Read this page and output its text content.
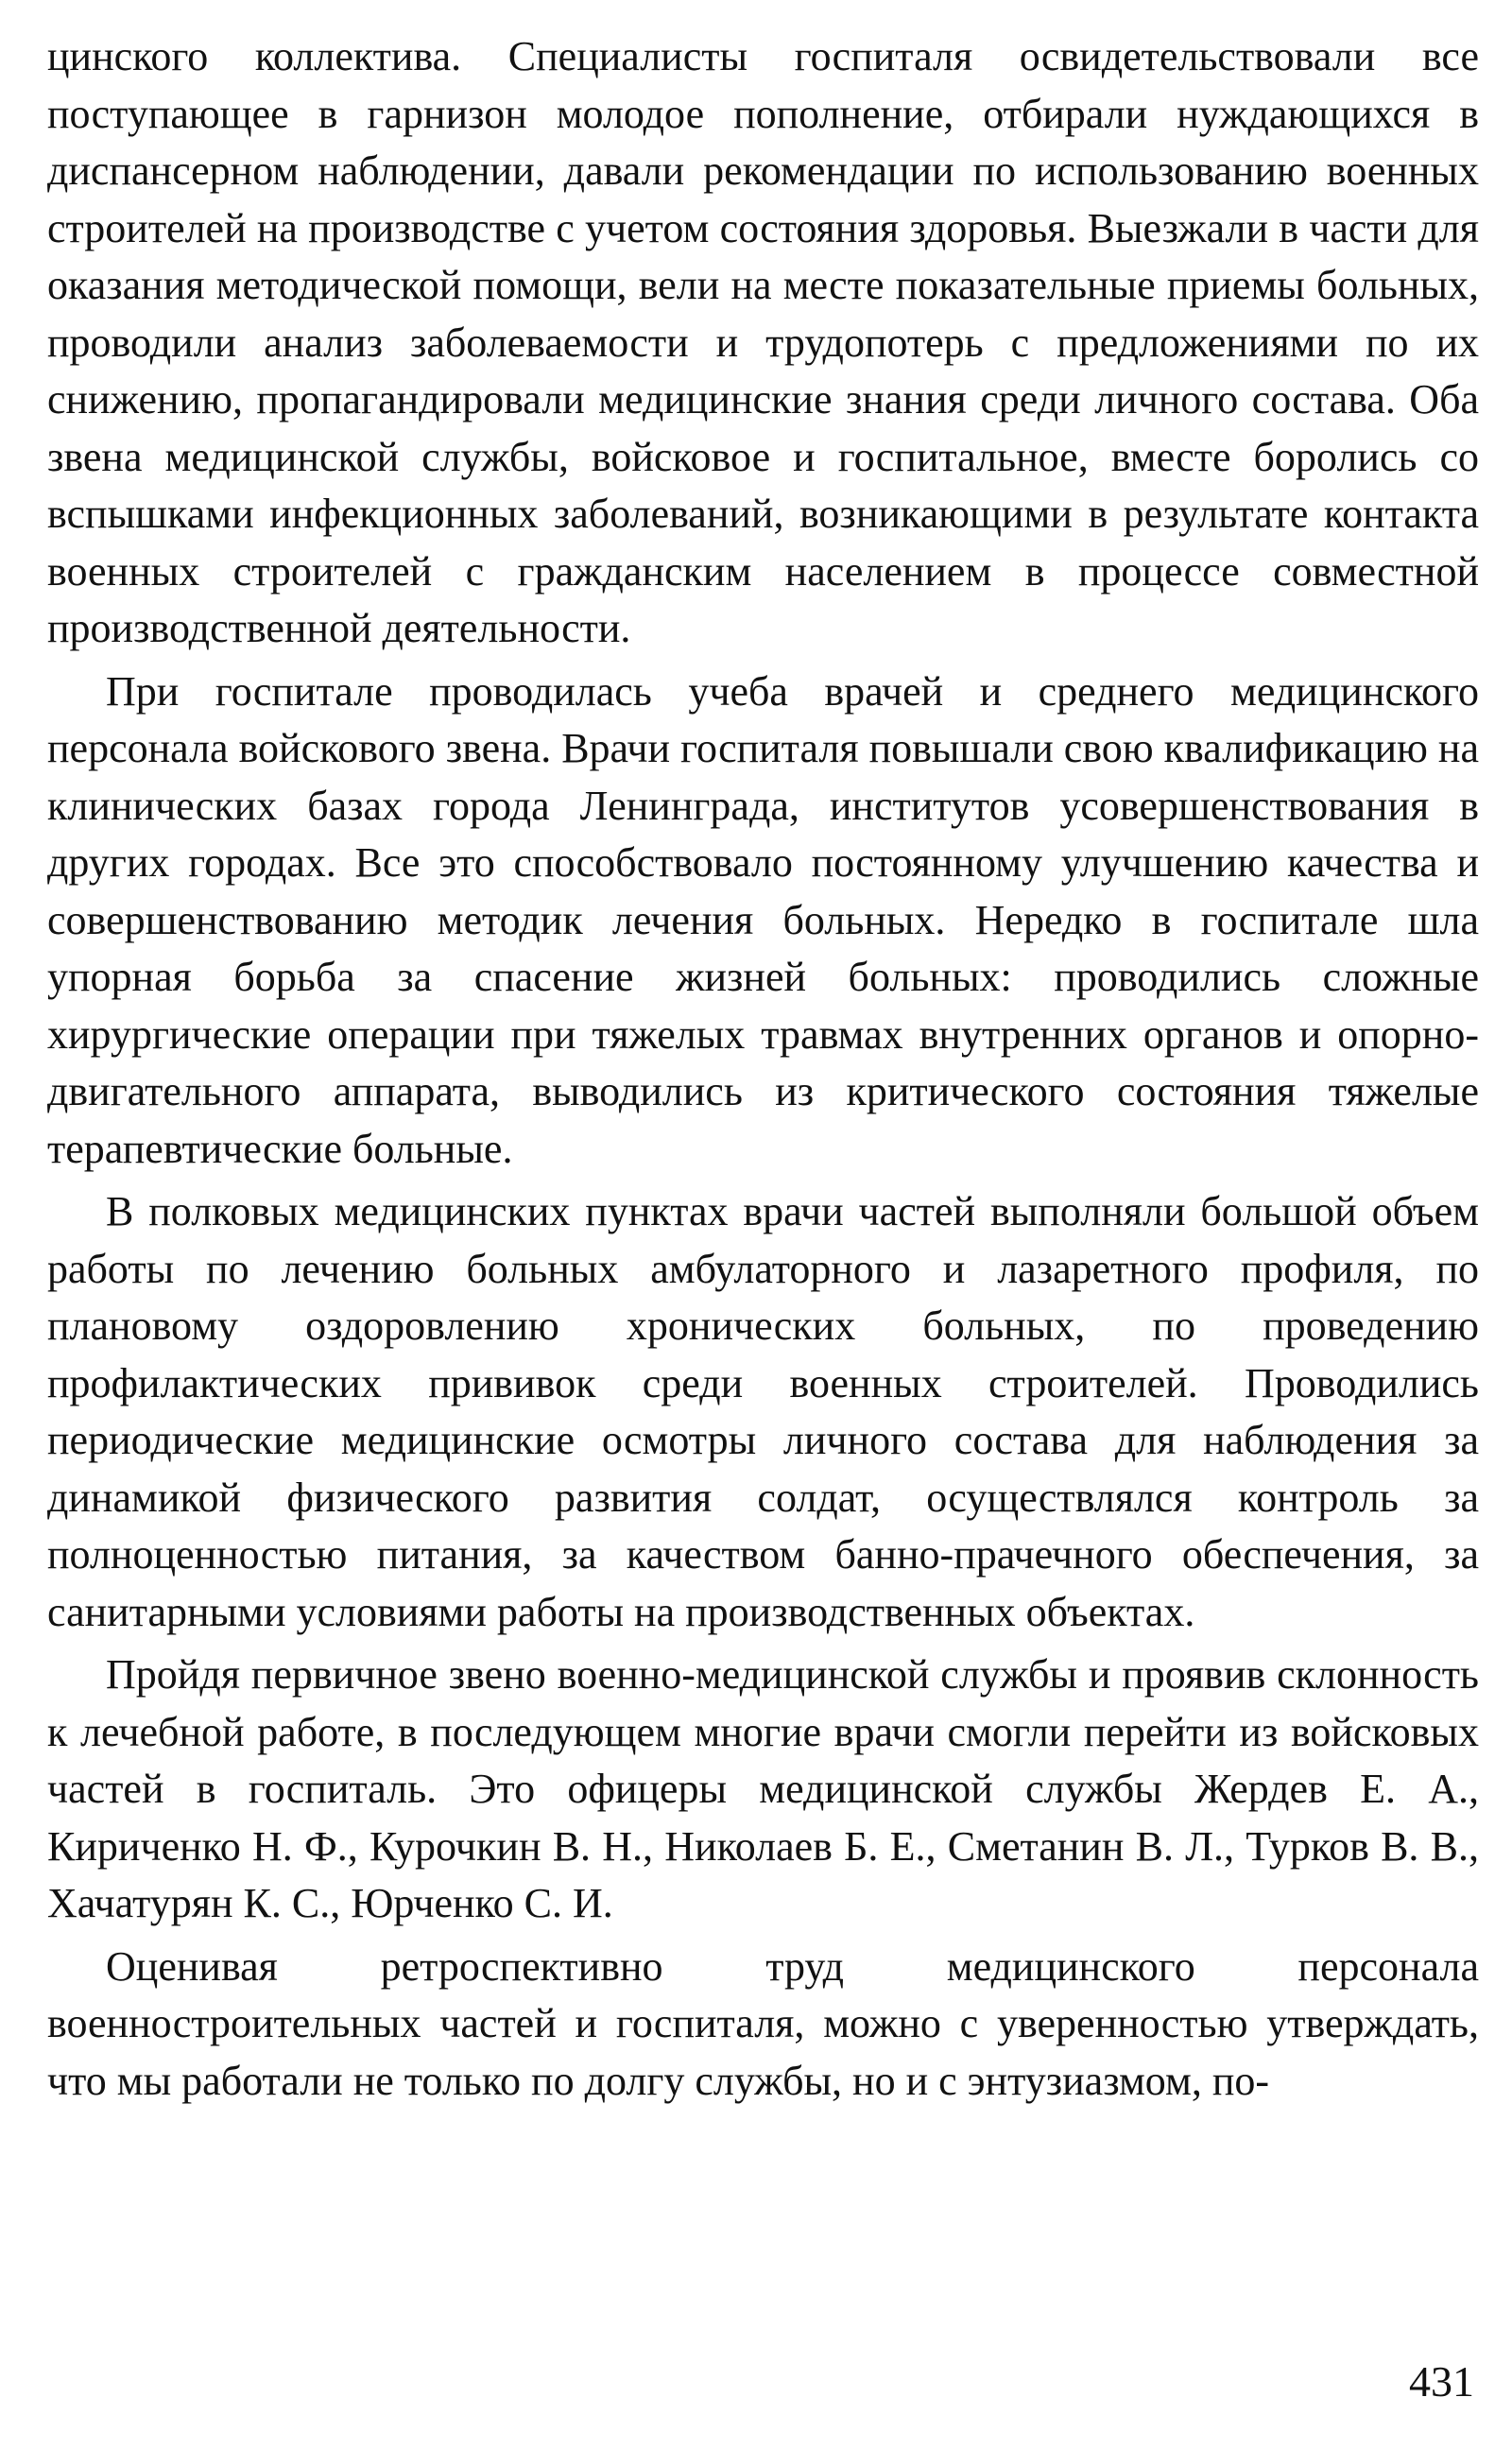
цинского коллектива. Специалисты госпиталя освидетельствовали все поступающее в гарнизон молодое пополнение, отбирали нуждающихся в диспансерном наблюдении, давали рекомендации по использованию военных строителей на производстве с учетом состояния здоровья. Выезжали в части для оказания методической помощи, вели на месте показательные приемы больных, проводили анализ заболеваемости и трудопотерь с предложениями по их снижению, пропагандировали медицинские знания среди личного состава. Оба звена медицинской службы, войсковое и госпитальное, вместе боролись со вспышками инфекционных заболеваний, возникающими в результате контакта военных строителей с гражданским населением в процессе совместной производственной деятельности.

При госпитале проводилась учеба врачей и среднего медицинского персонала войскового звена. Врачи госпиталя повышали свою квалификацию на клинических базах города Ленинграда, институтов усовершенствования в других городах. Все это способствовало постоянному улучшению качества и совершенствованию методик лечения больных. Нередко в госпитале шла упорная борьба за спасение жизней больных: проводились сложные хирургические операции при тяжелых травмах внутренних органов и опорно-двигательного аппарата, выводились из критического состояния тяжелые терапевтические больные.

В полковых медицинских пунктах врачи частей выполняли большой объем работы по лечению больных амбулаторного и лазаретного профиля, по плановому оздоровлению хронических больных, по проведению профилактических прививок среди военных строителей. Проводились периодические медицинские осмотры личного состава для наблюдения за динамикой физического развития солдат, осуществлялся контроль за полноценностью питания, за качеством банно-прачечного обеспечения, за санитарными условиями работы на производственных объектах.

Пройдя первичное звено военно-медицинской службы и проявив склонность к лечебной работе, в последующем многие врачи смогли перейти из войсковых частей в госпиталь. Это офицеры медицинской службы Жердев Е. А., Кириченко Н. Ф., Курочкин В. Н., Николаев Б. Е., Сметанин В. Л., Турков В. В., Хачатурян К. С., Юрченко С. И.

Оценивая ретроспективно труд медицинского персонала военностроительных частей и госпиталя, можно с уверенностью утверждать, что мы работали не только по долгу службы, но и с энтузиазмом, по-

431
